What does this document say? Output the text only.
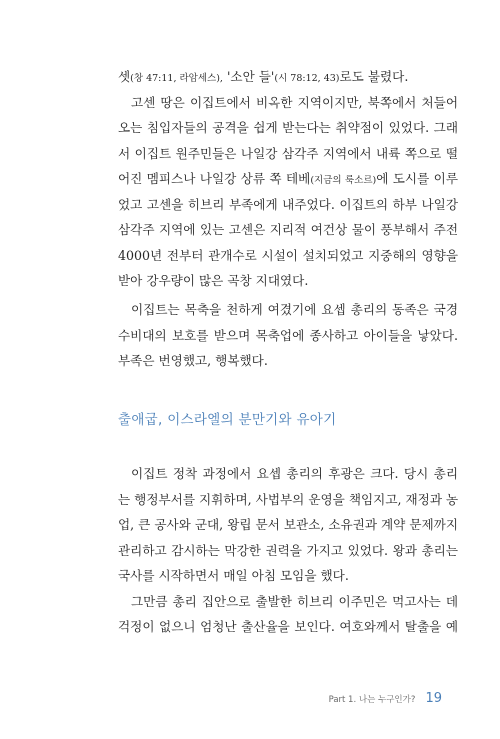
셋(창 47:11, 라암세스), '소안 들'(시 78:12, 43)로도 불렸다.
고센 땅은 이집트에서 비옥한 지역이지만, 북쪽에서 처들어
오는 침입자들의 공격을 쉽게 받는다는 취약점이 있었다. 그래
서 이집트 원주민들은 나일강 삼각주 지역에서 내륙 쪽으로 떨
어진 멤피스나 나일강 상류 쪽 테베(지금의 룩소르)에 도시를 이루
었고 고센을 히브리 부족에게 내주었다. 이집트의 하부 나일강
삼각주 지역에 있는 고센은 지리적 여건상 물이 풍부해서 주전
4000년 전부터 관개수로 시설이 설치되었고 지중해의 영향을
받아 강우량이 많은 곡창 지대였다.
이집트는 목축을 천하게 여겼기에 요셉 총리의 동족은 국경
수비대의 보호를 받으며 목축업에 종사하고 아이들을 낳았다.
부족은 번영했고, 행복했다.
출애굽, 이스라엘의 분만기와 유아기
이집트 정착 과정에서 요셉 총리의 후광은 크다. 당시 총리
는 행정부서를 지휘하며, 사법부의 운영을 책임지고, 재정과 농
업, 큰 공사와 군대, 왕립 문서 보관소, 소유권과 계약 문제까지
관리하고 감시하는 막강한 권력을 가지고 있었다. 왕과 총리는
국사를 시작하면서 매일 아침 모임을 했다.
그만큼 총리 집안으로 출발한 히브리 이주민은 먹고사는 데
걱정이 없으니 엄청난 출산율을 보인다. 여호와께서 탈출을 예
Part 1. 나는 누구인가? 19
